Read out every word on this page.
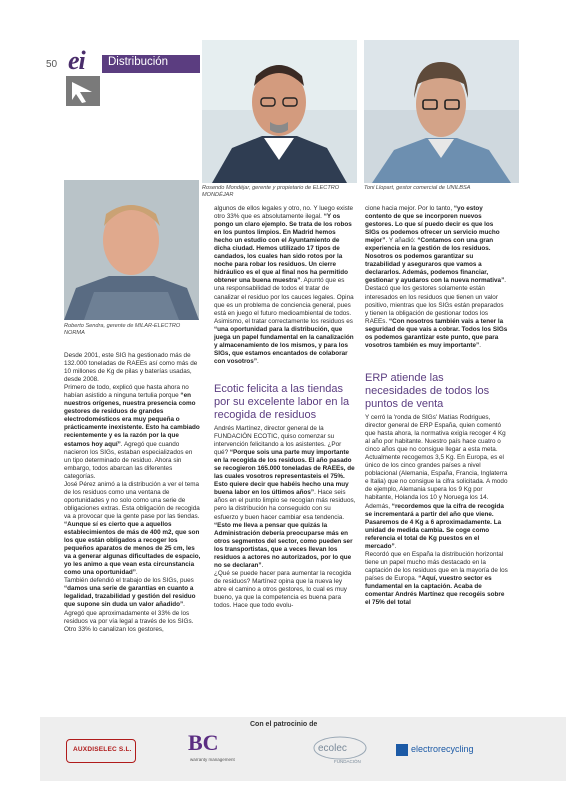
50 ei Distribución
Rosendo Mondéjar, gerente y propietario de ELECTRO MONDÉJAR
Toni Llopart, gestor comercial de UNILBSA
Roberto Sendra, gerente de MILAR-ELECTRO NORMA

Desde 2001, este SIG ha gestionado más de 132.000 toneladas de RAEEs así como más de 10 millones de Kg de pilas y baterías usadas, desde 2008.

Primero de todo, explicó que hasta ahora no habían asistido a ninguna tertulia porque “en nuestros orígenes, nuestra presencia como gestores de residuos de grandes electrodomésticos era muy pequeña o prácticamente inexistente. Esto ha cambiado recientemente y es la razón por la que estamos hoy aquí”. Agregó que cuando nacieron los SIGs, estaban especializados en un tipo determinado de residuo. Ahora sin embargo, todos abarcan las diferentes categorías.

José Pérez animó a la distribución a ver el tema de los residuos como una ventana de oportunidades y no solo como una serie de obligaciones extras. Esta obligación de recogida va a provocar que la gente pase por las tiendas. “Aunque sí es cierto que a aquellos establecimientos de más de 400 m2, que son los que están obligados a recoger los pequeños aparatos de menos de 25 cm, les va a generar algunas dificultades de espacio, yo les animo a que vean esta circunstancia como una oportunidad”.

También defendió el trabajo de los SIGs, pues “damos una serie de garantías en cuanto a legalidad, trazabilidad y gestión del residuo que supone sin duda un valor añadido”. Agregó que aproximadamente el 33% de los residuos va por vía legal a través de los SIGs. Otro 33% lo canalizan los gestores,

algunos de ellos legales y otro, no. Y luego existe otro 33% que es absolutamente ilegal. “Y os pongo un claro ejemplo. Se trata de los robos en los puntos limpios. En Madrid hemos hecho un estudio con el Ayuntamiento de dicha ciudad. Hemos utilizado 17 tipos de candados, los cuales han sido rotos por la noche para robar los residuos. Un cierre hidráulico es el que al final nos ha permitido obtener una buena muestra”. Apuntó que es una responsabilidad de todos el tratar de canalizar el residuo por los cauces legales. Opina que es un problema de conciencia general, pues está en juego el futuro medioambiental de todos. Asimismo, el tratar correctamente los residuos es “una oportunidad para la distribución, que juega un papel fundamental en la canalización y almacenamiento de los mismos, y para los SIGs, que estamos encantados de colaborar con vosotros”.

Ecotic felicita a las tiendas por su excelente labor en la recogida de residuos

Andrés Martínez, director general de la FUNDACIÓN ECOTIC, quiso comenzar su intervención felicitando a los asistentes. ¿Por qué? “Porque sois una parte muy importante en la recogida de los residuos. El año pasado se recogieron 165.000 toneladas de RAEEs, de las cuales vosotros representasteis el 75%. Esto quiere decir que habéis hecho una muy buena labor en los últimos años”. Hace seis años en el punto limpio se recogían más residuos, pero la distribución ha conseguido con su esfuerzo y buen hacer cambiar esa tendencia. “Esto me lleva a pensar que quizás la Administración debería preocuparse más en otros segmentos del sector, como pueden ser los transportistas, que a veces llevan los residuos a actores no autorizados, por lo que no se declaran”.

¿Qué se puede hacer para aumentar la recogida de residuos? Martínez opina que la nueva ley abre el camino a otros gestores, lo cual es muy bueno, ya que la competencia es buena para todos. Hace que todo evolu-

cione hacia mejor. Por lo tanto, “yo estoy contento de que se incorporen nuevos gestores. Lo que sí puedo decir es que los SIGs os podemos ofrecer un servicio mucho mejor”. Y añadió: “Contamos con una gran experiencia en la gestión de los residuos. Nosotros os podemos garantizar su trazabilidad y aseguraros que vamos a declararlos. Además, podemos financiar, gestionar y ayudaros con la nueva normativa”. Destacó que los gestores solamente están interesados en los residuos que tienen un valor positivo, mientras que los SIGs están preparados y tienen la obligación de gestionar todos los RAEEs. “Con nosotros también vais a tener la seguridad de que vais a cobrar. Todos los SIGs os podemos garantizar este punto, que para vosotros también es muy importante”.

ERP atiende las necesidades de todos los puntos de venta

Y cerró la 'ronda de SIGs' Matías Rodrigues, director general de ERP España, quien comentó que hasta ahora, la normativa exigía recoger 4 Kg al año por habitante. Nuestro país hace cuatro o cinco años que no consigue llegar a esta meta. Actualmente recogemos 3,5 Kg. En Europa, es el único de los cinco grandes países a nivel poblacional (Alemania, España, Francia, Inglaterra e Italia) que no consigue la cifra solicitada. A modo de ejemplo, Alemania supera los 9 Kg por habitante, Holanda los 10 y Noruega los 14. Además, “recordemos que la cifra de recogida se incrementará a partir del año que viene. Pasaremos de 4 Kg a 6 aproximadamente. La unidad de medida cambia. Se coge como referencia el total de Kg puestos en el mercado”.

Recordó que en España la distribución horizontal tiene un papel mucho más destacado en la captación de los residuos que en la mayoría de los países de Europa. “Aquí, vuestro sector es fundamental en la captación. Acaba de comentar Andrés Martínez que recogéis sobre el 75% del total

Con el patrocinio de
AUXDISELEC S.L.	BC
warranty management
ecolec
FUNDACIÓN
electrorecycling
